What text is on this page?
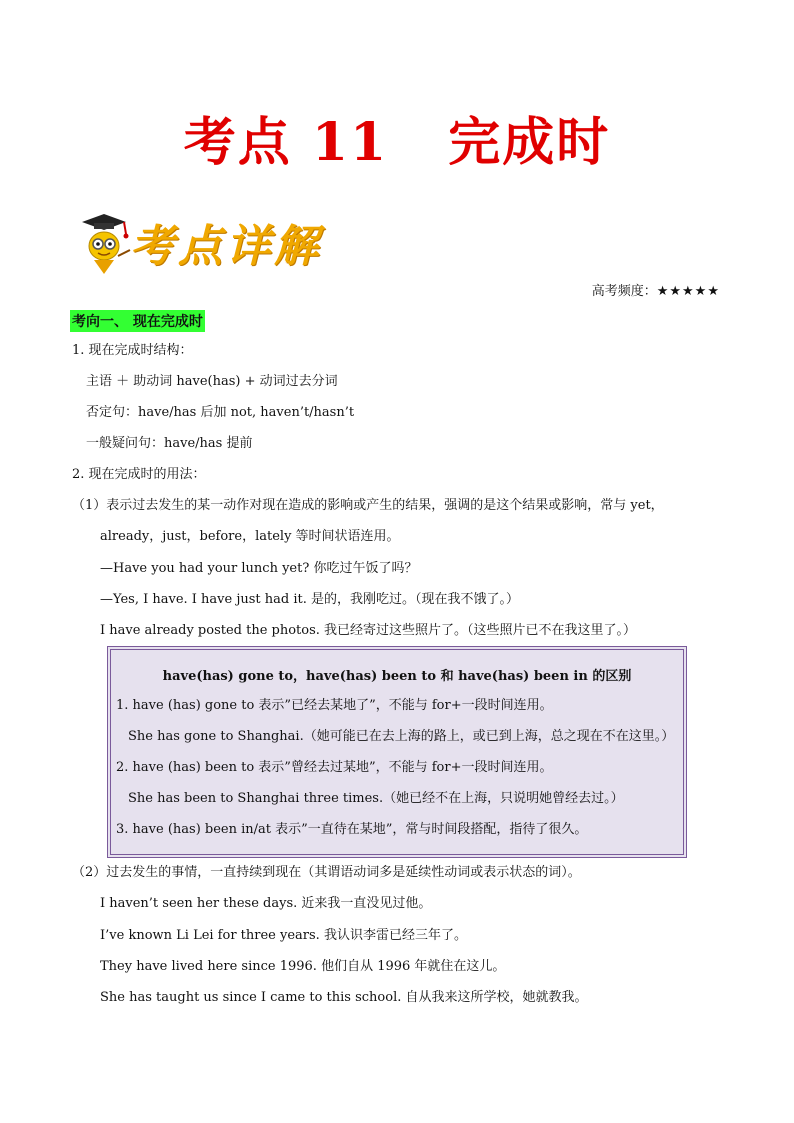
考点 11 完成时
考点详解
高考频度：★★★★★
考向一、 现在完成时
1. 现在完成时结构：
主语 ＋ 助动词 have(has) + 动词过去分词
否定句：have/has 后加 not, haven’t/hasn’t
一般疑问句：have/has 提前
2. 现在完成时的用法：
（1）表示过去发生的某一动作对现在造成的影响或产生的结果，强调的是这个结果或影响，常与 yet，
already，just，before，lately 等时间状语连用。
—Have you had your lunch yet? 你吃过午饭了吗？
—Yes, I have. I have just had it. 是的，我刚吃过。（现在我不饿了。）
I have already posted the photos. 我已经寄过这些照片了。（这些照片已不在我这里了。）
have(has) gone to，have(has) been to 和 have(has) been in 的区别
1. have (has) gone to 表示”已经去某地了”，不能与 for+一段时间连用。
She has gone to Shanghai.（她可能已在去上海的路上，或已到上海，总之现在不在这里。）
2. have (has) been to 表示”曾经去过某地”，不能与 for+一段时间连用。
She has been to Shanghai three times.（她已经不在上海，只说明她曾经去过。）
3. have (has) been in/at 表示”一直待在某地”，常与时间段搭配，指待了很久。
（2）过去发生的事情，一直持续到现在（其谓语动词多是延续性动词或表示状态的词）。
I haven’t seen her these days. 近来我一直没见过他。
I’ve known Li Lei for three years. 我认识李雷已经三年了。
They have lived here since 1996. 他们自从 1996 年就住在这儿。
She has taught us since I came to this school. 自从我来这所学校，她就教我。
